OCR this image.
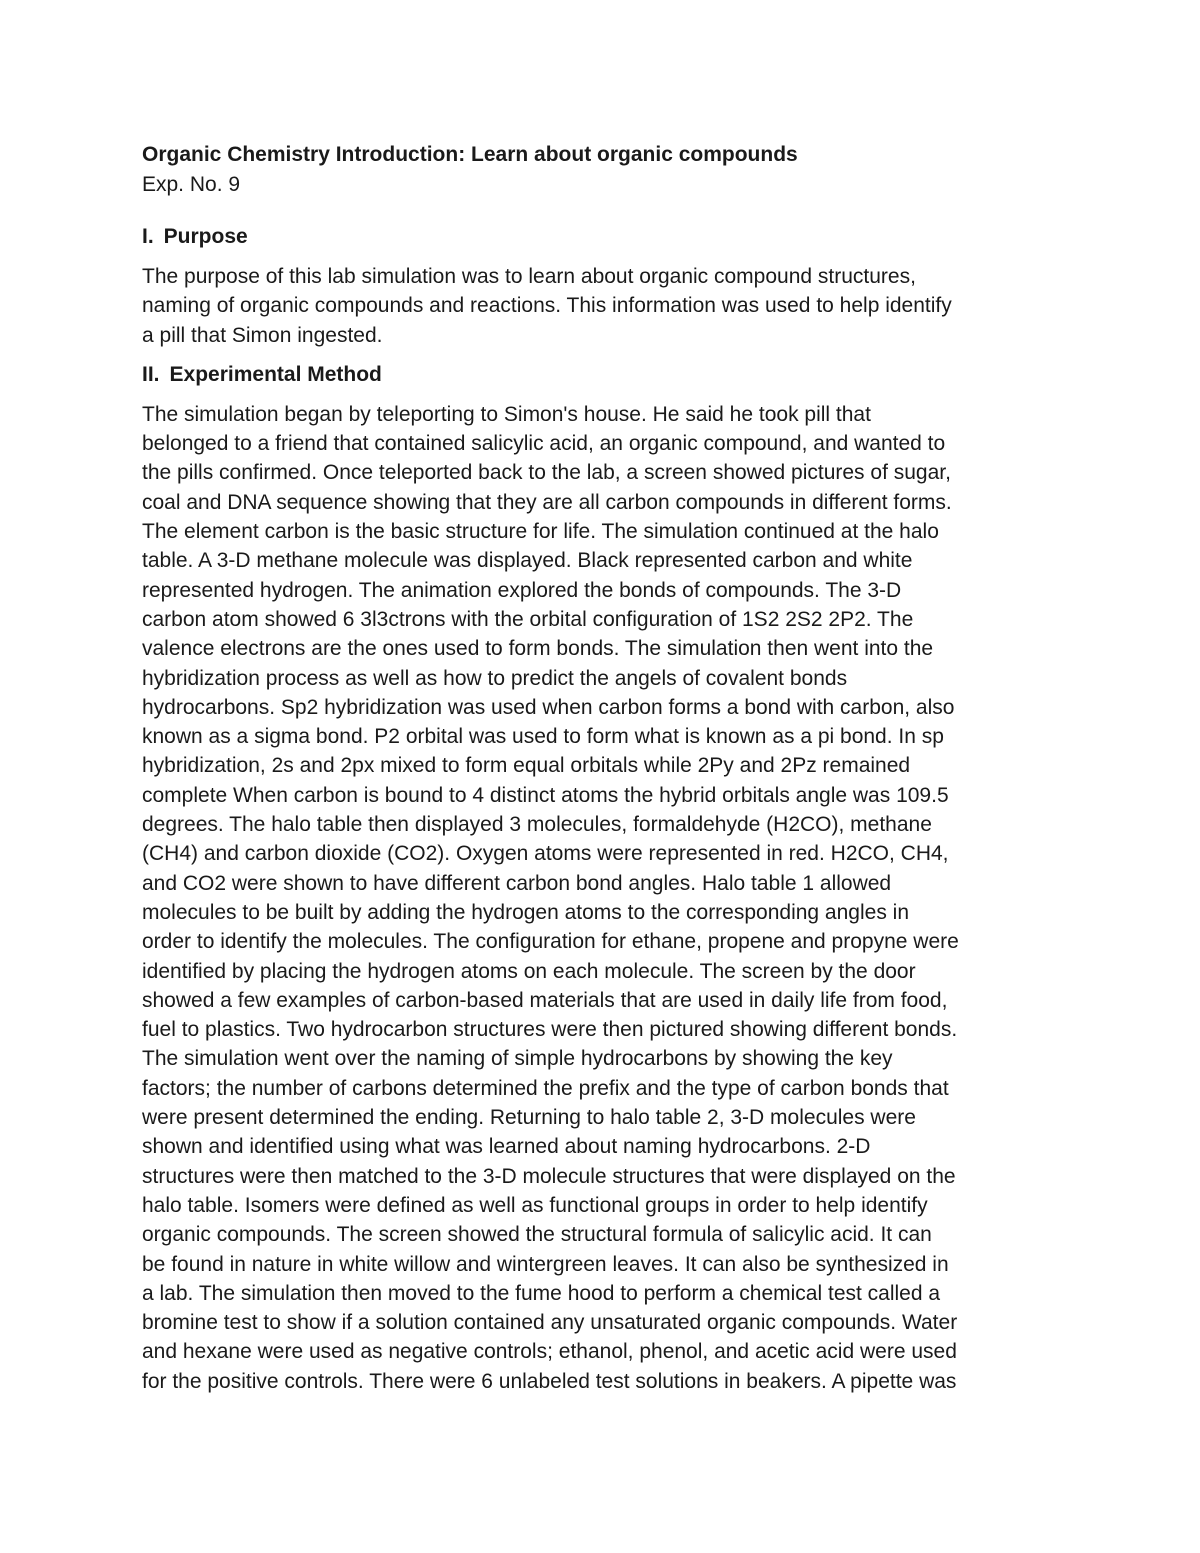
Organic Chemistry Introduction: Learn about organic compounds
Exp. No. 9
I. Purpose
The purpose of this lab simulation was to learn about organic compound structures,
naming of organic compounds and reactions. This information was used to help identify
a pill that Simon ingested.
II. Experimental Method
The simulation began by teleporting to Simon's house. He said he took pill that
belonged to a friend that contained salicylic acid, an organic compound, and wanted to
the pills confirmed. Once teleported back to the lab, a screen showed pictures of sugar,
coal and DNA sequence showing that they are all carbon compounds in different forms.
The element carbon is the basic structure for life. The simulation continued at the halo
table. A 3-D methane molecule was displayed. Black represented carbon and white
represented hydrogen. The animation explored the bonds of compounds. The 3-D
carbon atom showed 6 3l3ctrons with the orbital configuration of 1S2 2S2 2P2. The
valence electrons are the ones used to form bonds. The simulation then went into the
hybridization process as well as how to predict the angels of covalent bonds
hydrocarbons. Sp2 hybridization was used when carbon forms a bond with carbon, also
known as a sigma bond. P2 orbital was used to form what is known as a pi bond. In sp
hybridization, 2s and 2px mixed to form equal orbitals while 2Py and 2Pz remained
complete When carbon is bound to 4 distinct atoms the hybrid orbitals angle was 109.5
degrees. The halo table then displayed 3 molecules, formaldehyde (H2CO), methane
(CH4) and carbon dioxide (CO2). Oxygen atoms were represented in red. H2CO, CH4,
and CO2 were shown to have different carbon bond angles. Halo table 1 allowed
molecules to be built by adding the hydrogen atoms to the corresponding angles in
order to identify the molecules. The configuration for ethane, propene and propyne were
identified by placing the hydrogen atoms on each molecule. The screen by the door
showed a few examples of carbon-based materials that are used in daily life from food,
fuel to plastics. Two hydrocarbon structures were then pictured showing different bonds.
The simulation went over the naming of simple hydrocarbons by showing the key
factors; the number of carbons determined the prefix and the type of carbon bonds that
were present determined the ending. Returning to halo table 2, 3-D molecules were
shown and identified using what was learned about naming hydrocarbons. 2-D
structures were then matched to the 3-D molecule structures that were displayed on the
halo table. Isomers were defined as well as functional groups in order to help identify
organic compounds. The screen showed the structural formula of salicylic acid. It can
be found in nature in white willow and wintergreen leaves. It can also be synthesized in
a lab. The simulation then moved to the fume hood to perform a chemical test called a
bromine test to show if a solution contained any unsaturated organic compounds. Water
and hexane were used as negative controls; ethanol, phenol, and acetic acid were used
for the positive controls. There were 6 unlabeled test solutions in beakers. A pipette was
